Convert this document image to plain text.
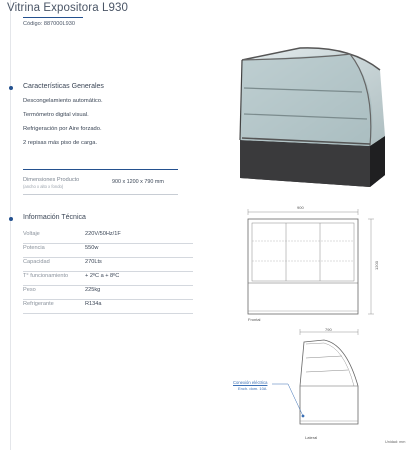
Vitrina Expositora L930
Código: 887000L930
Características Generales
Descongelamiento automático.
Termómetro digital visual.
Refrigeración por Aire forzado.
2 repisas más piso de carga.
Dimensiones Producto
(ancho x alto x fondo)
900 x 1200 x 790 mm
Información Técnica
Voltaje	220V/50Hz/1F
Potencia	550w
Capacidad	270Lts
T° funcionamiento	+ 2ºC a + 8ºC
Peso	225kg
Refrigerante	R134a
900
1200
Frontal
790
Lateral
Conexión eléctrica
Ench. dom. 10A
Unidad: mm
